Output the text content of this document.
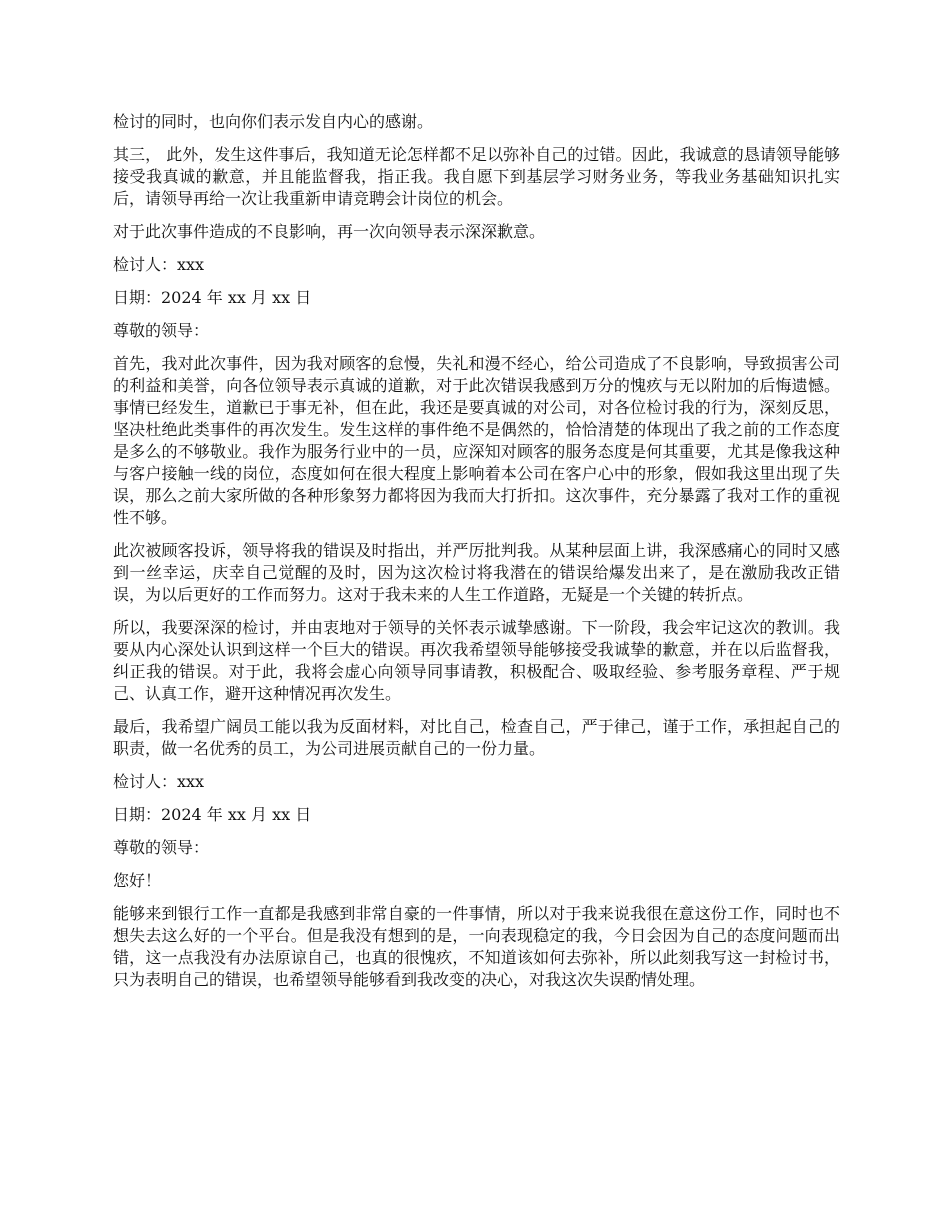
检讨的同时，也向你们表示发自内心的感谢。

其三， 此外，发生这件事后，我知道无论怎样都不足以弥补自己的过错。因此，我诚意的恳请领导能够接受我真诚的歉意，并且能监督我，指正我。我自愿下到基层学习财务业务，等我业务基础知识扎实后，请领导再给一次让我重新申请竞聘会计岗位的机会。

对于此次事件造成的不良影响，再一次向领导表示深深歉意。

检讨人：xxx

日期：2024 年 xx 月 xx 日

尊敬的领导：

首先，我对此次事件，因为我对顾客的怠慢，失礼和漫不经心，给公司造成了不良影响，导致损害公司的利益和美誉，向各位领导表示真诚的道歉，对于此次错误我感到万分的愧疚与无以附加的后悔遗憾。事情已经发生，道歉已于事无补，但在此，我还是要真诚的对公司，对各位检讨我的行为，深刻反思，坚决杜绝此类事件的再次发生。发生这样的事件绝不是偶然的，恰恰清楚的体现出了我之前的工作态度是多么的不够敬业。我作为服务行业中的一员，应深知对顾客的服务态度是何其重要，尤其是像我这种与客户接触一线的岗位，态度如何在很大程度上影响着本公司在客户心中的形象，假如我这里出现了失误，那么之前大家所做的各种形象努力都将因为我而大打折扣。这次事件，充分暴露了我对工作的重视性不够。

此次被顾客投诉，领导将我的错误及时指出，并严厉批判我。从某种层面上讲，我深感痛心的同时又感到一丝幸运，庆幸自己觉醒的及时，因为这次检讨将我潜在的错误给爆发出来了，是在激励我改正错误，为以后更好的工作而努力。这对于我未来的人生工作道路，无疑是一个关键的转折点。

所以，我要深深的检讨，并由衷地对于领导的关怀表示诚挚感谢。下一阶段，我会牢记这次的教训。我要从内心深处认识到这样一个巨大的错误。再次我希望领导能够接受我诚挚的歉意，并在以后监督我，纠正我的错误。对于此，我将会虚心向领导同事请教，积极配合、吸取经验、参考服务章程、严于规己、认真工作，避开这种情况再次发生。

最后，我希望广阔员工能以我为反面材料，对比自己，检查自己，严于律己，谨于工作，承担起自己的职责，做一名优秀的员工，为公司进展贡献自己的一份力量。

检讨人：xxx

日期：2024 年 xx 月 xx 日

尊敬的领导：

您好！

能够来到银行工作一直都是我感到非常自豪的一件事情，所以对于我来说我很在意这份工作，同时也不想失去这么好的一个平台。但是我没有想到的是，一向表现稳定的我，今日会因为自己的态度问题而出错，这一点我没有办法原谅自己，也真的很愧疚，不知道该如何去弥补，所以此刻我写这一封检讨书，只为表明自己的错误，也希望领导能够看到我改变的决心，对我这次失误酌情处理。
